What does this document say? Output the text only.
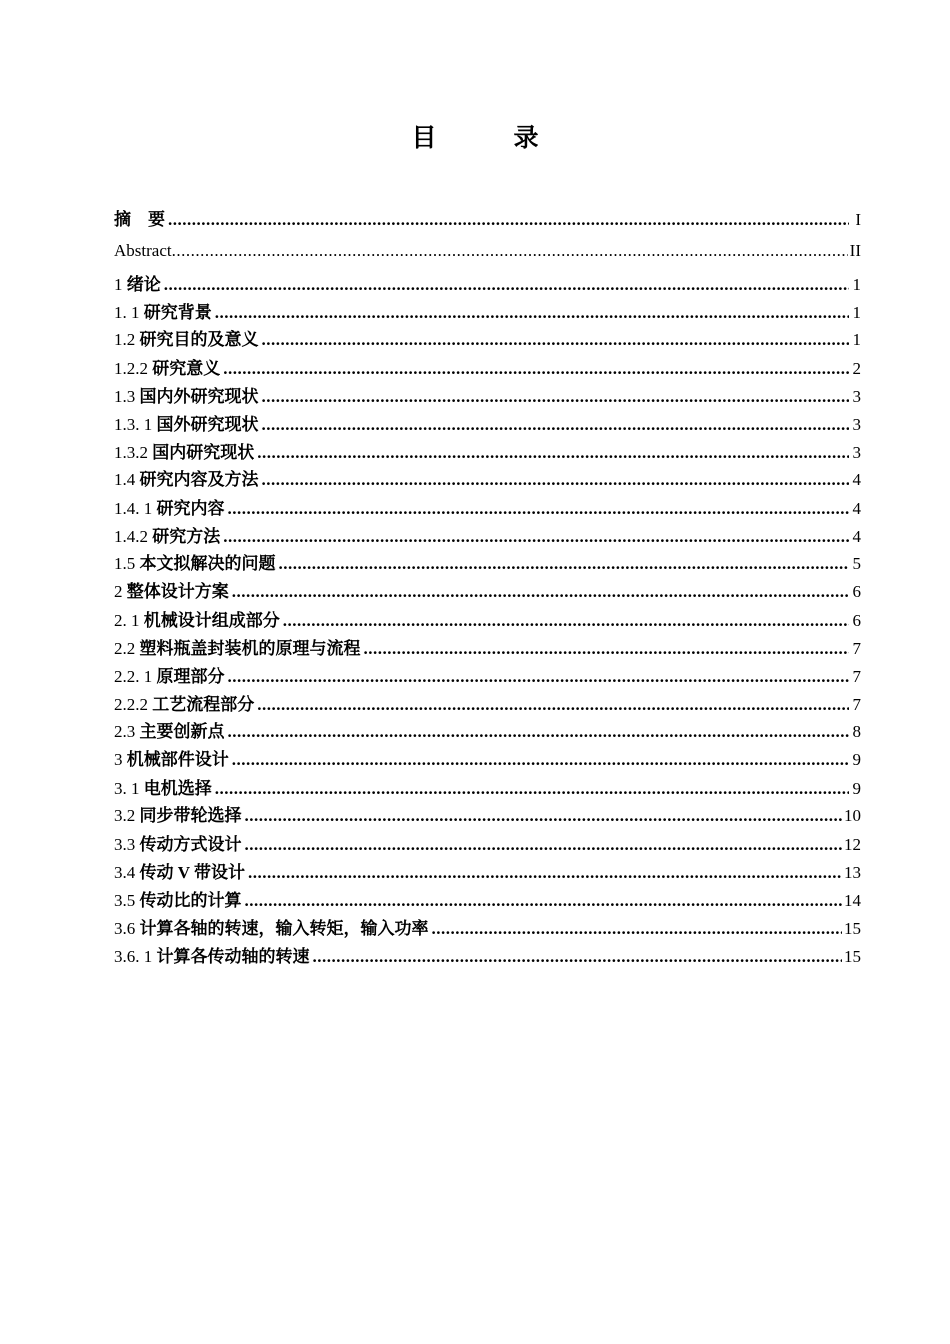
目　录
摘　要 .....	I
Abstract .....	II
1 绪论 .....	1
1. 1 研究背景 .....	1
1.2 研究目的及意义 .....	1
1.2.2 研究意义 .....	2
1.3 国内外研究现状 .....	3
1.3. 1 国外研究现状 .....	3
1.3.2 国内研究现状 .....	3
1.4 研究内容及方法 .....	4
1.4. 1 研究内容 .....	4
1.4.2 研究方法 .....	4
1.5 本文拟解决的问题 .....	5
2 整体设计方案 .....	6
2. 1 机械设计组成部分 .....	6
2.2 塑料瓶盖封装机的原理与流程 .....	7
2.2. 1 原理部分 .....	7
2.2.2 工艺流程部分 .....	7
2.3 主要创新点 .....	8
3 机械部件设计 .....	9
3. 1 电机选择 .....	9
3.2 同步带轮选择 .....	10
3.3 传动方式设计 .....	12
3.4 传动 V 带设计 .....	13
3.5 传动比的计算 .....	14
3.6 计算各轴的转速，输入转矩，输入功率 .....	15
3.6. 1 计算各传动轴的转速 .....	15
